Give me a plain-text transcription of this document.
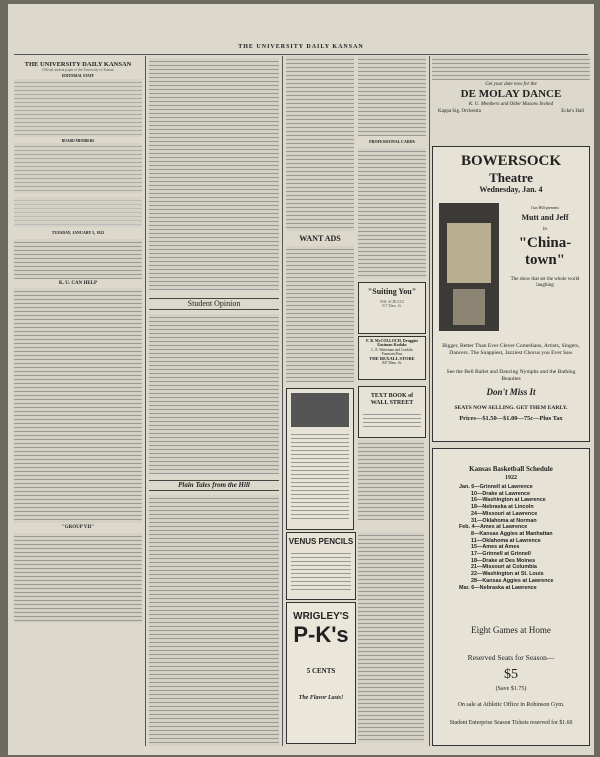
THE UNIVERSITY DAILY KANSAN
THE UNIVERSITY DAILY KANSAN
Official student paper of the University of Kansas
EDITORIAL STAFF
BOARD MEMBERS
TUESDAY, JANUARY 3, 1922
K. U. CAN HELP
"GROUP VII"
Student Opinion
Plain Tales from the Hill
PROFESSIONAL CARDS
WANT ADS
"Suiting You"
WM. SCHULTZ
917 Mass. St.
F. B. McCOLLOCH, Druggist
Eastman Kodaks
L. E. Waterman and Conklin
Fountain Pens
THE REXALL STORE
847 Mass. St.
TEXT BOOK of
WALL STREET
VENUS PENCILS
WRIGLEY'S
P-K's
5 CENTS
The Flavor Lasts!
Get your date now for the
DE MOLAY DANCE
K. U. Members and Older Masons Invited
Kappa Sig. Orchestra	Ecke's Hall
BOWERSOCK
Theatre
Wednesday, Jan. 4
Gus Hill presents
Mutt and Jeff
in
"China-town"
The show that set the whole world laughing
Bigger, Better Than Ever Clever Comedians, Artists, Singers, Dancers. The Snappiest, Jazziest Chorus you Ever Saw
See the Bell Ballet and Dancing Nymphs and the Bathing Beauties
Don't Miss It
SEATS NOW SELLING. GET THEM EARLY.
Prices—$1.50—$1.00—75c—Plus Tax
Kansas Basketball Schedule
1922
Jan. 6—Grinnell at Lawrence
10—Drake at Lawrence
16—Washington at Lawrence
18—Nebraska at Lincoln
24—Missouri at Lawrence
31—Oklahoma at Norman
Feb. 4—Ames at Lawrence
8—Kansas Aggies at Manhattan
11—Oklahoma at Lawrence
15—Ames at Ames
17—Grinnell at Grinnell
18—Drake at Des Moines
21—Missouri at Columbia
22—Washington at St. Louis
28—Kansas Aggies at Lawrence
Mar. 6—Nebraska at Lawrence
Eight Games at Home
Reserved Seats for Season—
$5
(Save $1.75)
On sale at Athletic Office in Robinson Gym.
Student Enterprise Season Tickets reserved for $1.60
